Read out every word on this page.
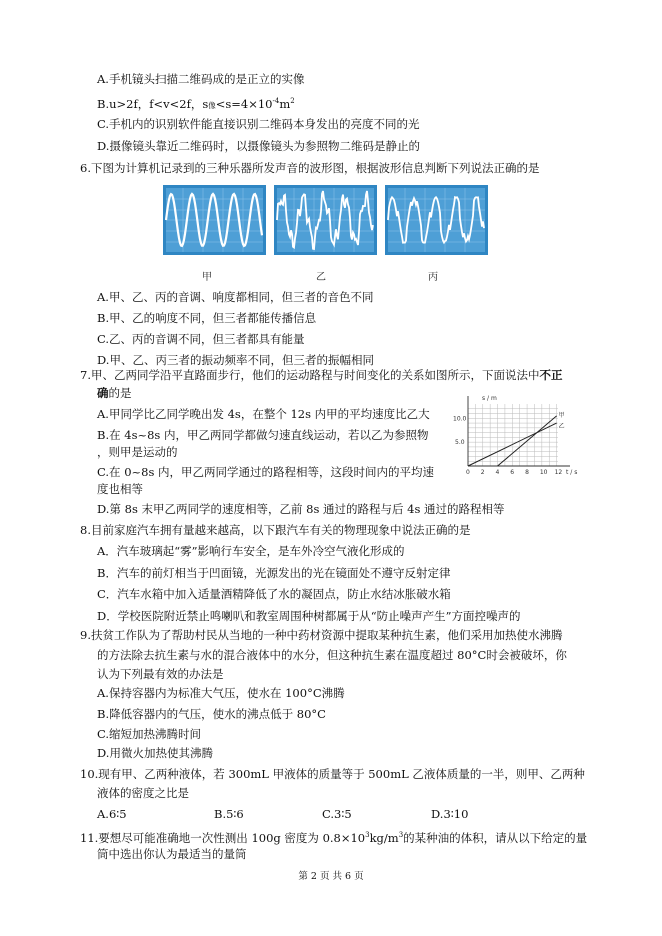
A.手机镜头扫描二维码成的是正立的实像
B.u>2f，f<v<2f，s像$<s=4\times 10^{-4}m^2$
C.手机内的识别软件能直接识别二维码本身发出的亮度不同的光
D.摄像镜头靠近二维码时，以摄像镜头为参照物二维码是静止的
6.下图为计算机记录到的三种乐器所发声音的波形图，根据波形信息判断下列说法正确的是
甲	乙	丙
A.甲、乙、丙的音调、响度都相同，但三者的音色不同
B.甲、乙的响度不同，但三者都能传播信息
C.乙、丙的音调不同，但三者都具有能量
D.甲、乙、丙三者的振动频率不同，但三者的振幅相同
7.甲、乙两同学沿平直路面步行，他们的运动路程与时间变化的关系如图所示，下面说法中不正
确的是
A.甲同学比乙同学晚出发 4s，在整个 12s 内甲的平均速度比乙大
B.在 4s~8s 内，甲乙两同学都做匀速直线运动，若以乙为参照物
，则甲是运动的
C.在 0~8s 内，甲乙两同学通过的路程相等，这段时间内的平均速
度也相等
D.第 8s 末甲乙两同学的速度相等，乙前 8s 通过的路程与后 4s 通过的路程相等
s / m
10.0
5.0
0 2 4 6 8 10 12 t / s
甲
乙
8.目前家庭汽车拥有量越来越高，以下跟汽车有关的物理现象中说法正确的是
A．汽车玻璃起“雾”影响行车安全，是车外冷空气液化形成的
B．汽车的前灯相当于凹面镜，光源发出的光在镜面处不遵守反射定律
C．汽车水箱中加入适量酒精降低了水的凝固点，防止水结冰胀破水箱
D．学校医院附近禁止鸣喇叭和教室周围种树都属于从“防止噪声产生”方面控噪声的
9.扶贫工作队为了帮助村民从当地的一种中药材资源中提取某种抗生素，他们采用加热使水沸腾
的方法除去抗生素与水的混合液体中的水分，但这种抗生素在温度超过 80°C时会被破坏，你
认为下列最有效的办法是
A.保持容器内为标准大气压，使水在 100°C沸腾
B.降低容器内的气压，使水的沸点低于 80°C
C.缩短加热沸腾时间
D.用微火加热使其沸腾
10.现有甲、乙两种液体，若 300mL 甲液体的质量等于 500mL 乙液体质量的一半，则甲、乙两种
液体的密度之比是
A.6∶5	B.5∶6	C.3∶5	D.3∶10
11.要想尽可能准确地一次性测出 100g 密度为 $0.8\times 10^3kg/m^3$的某种油的体积，请从以下给定的量
筒中选出你认为最适当的量筒
第 2 页 共 6 页
